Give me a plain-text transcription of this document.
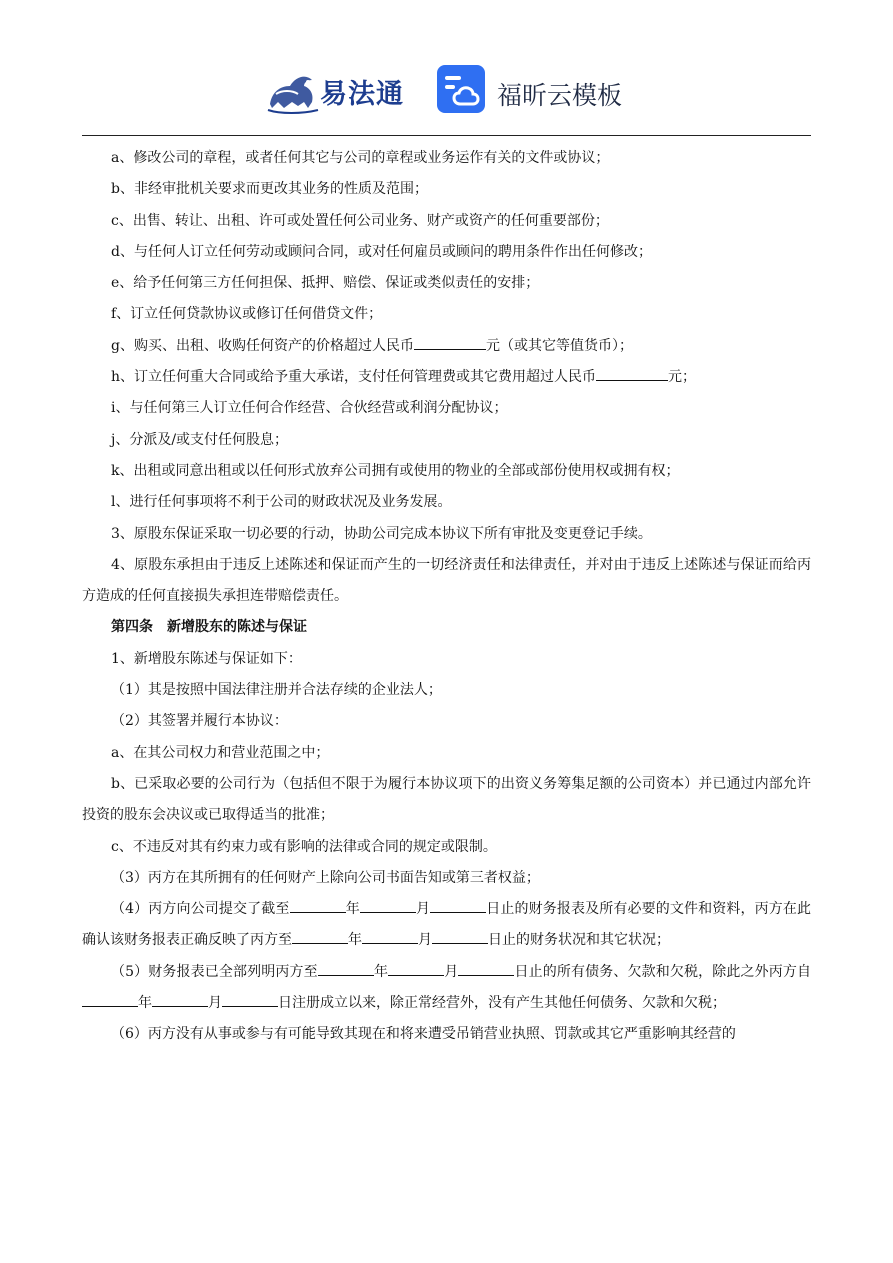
易法通	福昕云模板

a、修改公司的章程，或者任何其它与公司的章程或业务运作有关的文件或协议；

b、非经审批机关要求而更改其业务的性质及范围；

c、出售、转让、出租、许可或处置任何公司业务、财产或资产的任何重要部份；

d、与任何人订立任何劳动或顾问合同，或对任何雇员或顾问的聘用条件作出任何修改；

e、给予任何第三方任何担保、抵押、赔偿、保证或类似责任的安排；

f、订立任何贷款协议或修订任何借贷文件；

g、购买、出租、收购任何资产的价格超过人民币	元（或其它等值货币）；

h、订立任何重大合同或给予重大承诺，支付任何管理费或其它费用超过人民币	元；

i、与任何第三人订立任何合作经营、合伙经营或利润分配协议；

j、分派及/或支付任何股息；

k、出租或同意出租或以任何形式放弃公司拥有或使用的物业的全部或部份使用权或拥有权；

l、进行任何事项将不利于公司的财政状况及业务发展。

3、原股东保证采取一切必要的行动，协助公司完成本协议下所有审批及变更登记手续。

4、原股东承担由于违反上述陈述和保证而产生的一切经济责任和法律责任，并对由于违反上述陈述与保证而给丙方造成的任何直接损失承担连带赔偿责任。

第四条　新增股东的陈述与保证

1、新增股东陈述与保证如下：

（1）其是按照中国法律注册并合法存续的企业法人；

（2）其签署并履行本协议：

a、在其公司权力和营业范围之中；

b、已采取必要的公司行为（包括但不限于为履行本协议项下的出资义务筹集足额的公司资本）并已通过内部允许投资的股东会决议或已取得适当的批准；

c、不违反对其有约束力或有影响的法律或合同的规定或限制。

（3）丙方在其所拥有的任何财产上除向公司书面告知或第三者权益；

（4）丙方向公司提交了截至	年	月	日止的财务报表及所有必要的文件和资料，丙方在此确认该财务报表正确反映了丙方至	年	月	日止的财务状况和其它状况；

（5）财务报表已全部列明丙方至	年	月	日止的所有债务、欠款和欠税，除此之外丙方自年	月	日注册成立以来，除正常经营外，没有产生其他任何债务、欠款和欠税；

（6）丙方没有从事或参与有可能导致其现在和将来遭受吊销营业执照、罚款或其它严重影响其经营的
